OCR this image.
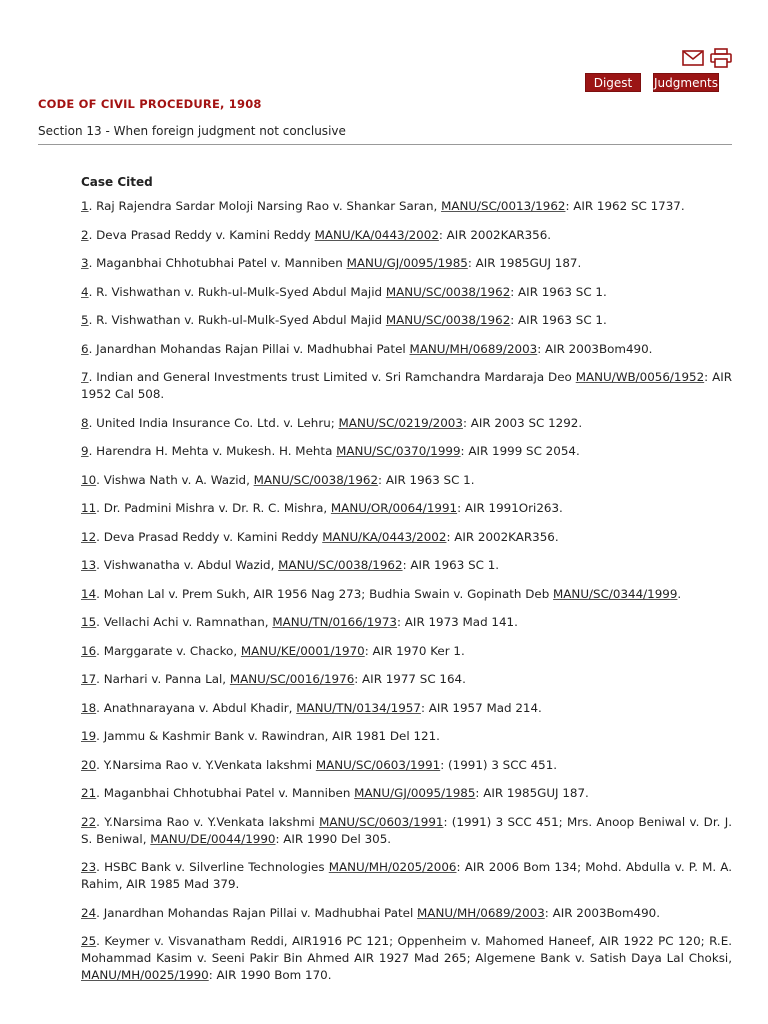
Digest	Judgments
CODE OF CIVIL PROCEDURE, 1908
Section 13 - When foreign judgment not conclusive
Case Cited
1. Raj Rajendra Sardar Moloji Narsing Rao v. Shankar Saran, MANU/SC/0013/1962: AIR 1962 SC 1737.
2. Deva Prasad Reddy v. Kamini Reddy MANU/KA/0443/2002: AIR 2002KAR356.
3. Maganbhai Chhotubhai Patel v. Manniben MANU/GJ/0095/1985: AIR 1985GUJ 187.
4. R. Vishwathan v. Rukh-ul-Mulk-Syed Abdul Majid MANU/SC/0038/1962: AIR 1963 SC 1.
5. R. Vishwathan v. Rukh-ul-Mulk-Syed Abdul Majid MANU/SC/0038/1962: AIR 1963 SC 1.
6. Janardhan Mohandas Rajan Pillai v. Madhubhai Patel MANU/MH/0689/2003: AIR 2003Bom490.
7. Indian and General Investments trust Limited v. Sri Ramchandra Mardaraja Deo MANU/WB/0056/1952: AIR 1952 Cal 508.
8. United India Insurance Co. Ltd. v. Lehru; MANU/SC/0219/2003: AIR 2003 SC 1292.
9. Harendra H. Mehta v. Mukesh. H. Mehta MANU/SC/0370/1999: AIR 1999 SC 2054.
10. Vishwa Nath v. A. Wazid, MANU/SC/0038/1962: AIR 1963 SC 1.
11. Dr. Padmini Mishra v. Dr. R. C. Mishra, MANU/OR/0064/1991: AIR 1991Ori263.
12. Deva Prasad Reddy v. Kamini Reddy MANU/KA/0443/2002: AIR 2002KAR356.
13. Vishwanatha v. Abdul Wazid, MANU/SC/0038/1962: AIR 1963 SC 1.
14. Mohan Lal v. Prem Sukh, AIR 1956 Nag 273; Budhia Swain v. Gopinath Deb MANU/SC/0344/1999.
15. Vellachi Achi v. Ramnathan, MANU/TN/0166/1973: AIR 1973 Mad 141.
16. Marggarate v. Chacko, MANU/KE/0001/1970: AIR 1970 Ker 1.
17. Narhari v. Panna Lal, MANU/SC/0016/1976: AIR 1977 SC 164.
18. Anathnarayana v. Abdul Khadir, MANU/TN/0134/1957: AIR 1957 Mad 214.
19. Jammu & Kashmir Bank v. Rawindran, AIR 1981 Del 121.
20. Y.Narsima Rao v. Y.Venkata lakshmi MANU/SC/0603/1991: (1991) 3 SCC 451.
21. Maganbhai Chhotubhai Patel v. Manniben MANU/GJ/0095/1985: AIR 1985GUJ 187.
22. Y.Narsima Rao v. Y.Venkata lakshmi MANU/SC/0603/1991: (1991) 3 SCC 451; Mrs. Anoop Beniwal v. Dr. J. S. Beniwal, MANU/DE/0044/1990: AIR 1990 Del 305.
23. HSBC Bank v. Silverline Technologies MANU/MH/0205/2006: AIR 2006 Bom 134; Mohd. Abdulla v. P. M. A. Rahim, AIR 1985 Mad 379.
24. Janardhan Mohandas Rajan Pillai v. Madhubhai Patel MANU/MH/0689/2003: AIR 2003Bom490.
25. Keymer v. Visvanatham Reddi, AIR1916 PC 121; Oppenheim v. Mahomed Haneef, AIR 1922 PC 120; R.E. Mohammad Kasim v. Seeni Pakir Bin Ahmed AIR 1927 Mad 265; Algemene Bank v. Satish Daya Lal Choksi, MANU/MH/0025/1990: AIR 1990 Bom 170.
